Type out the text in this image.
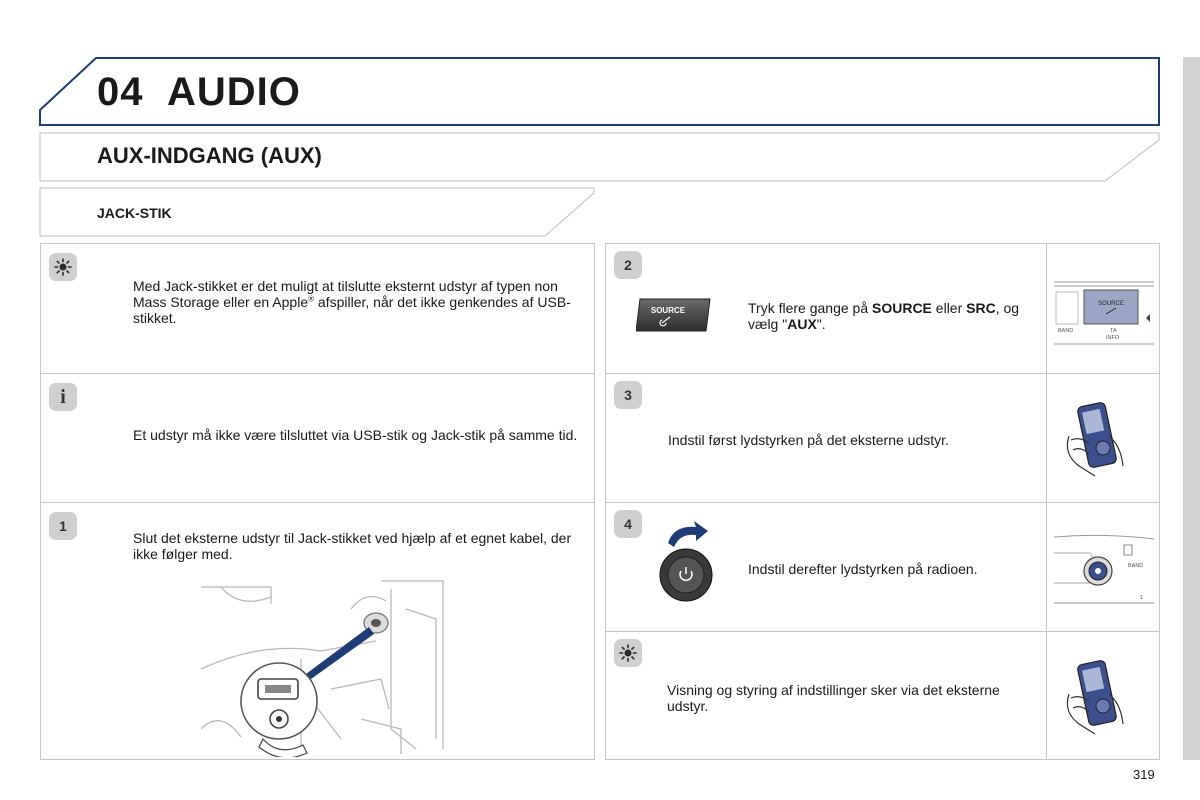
04 AUDIO
AUX-INDGANG (AUX)
JACK-STIK
Med Jack-stikket er det muligt at tilslutte eksternt udstyr af typen non Mass Storage eller en Apple® afspiller, når det ikke genkendes af USB-stikket.
i
Et udstyr må ikke være tilsluttet via USB-stik og Jack-stik på samme tid.
1
Slut det eksterne udstyr til Jack-stikket ved hjælp af et egnet kabel, der ikke følger med.
2
SOURCE	Tryk flere gange på SOURCE eller SRC, og vælg "AUX".
SOURCE
BAND	TA
INFO
3
Indstil først lydstyrken på det eksterne udstyr.
4
Indstil derefter lydstyrken på radioen.	BAND
1
Visning og styring af indstillinger sker via det eksterne udstyr.
319
